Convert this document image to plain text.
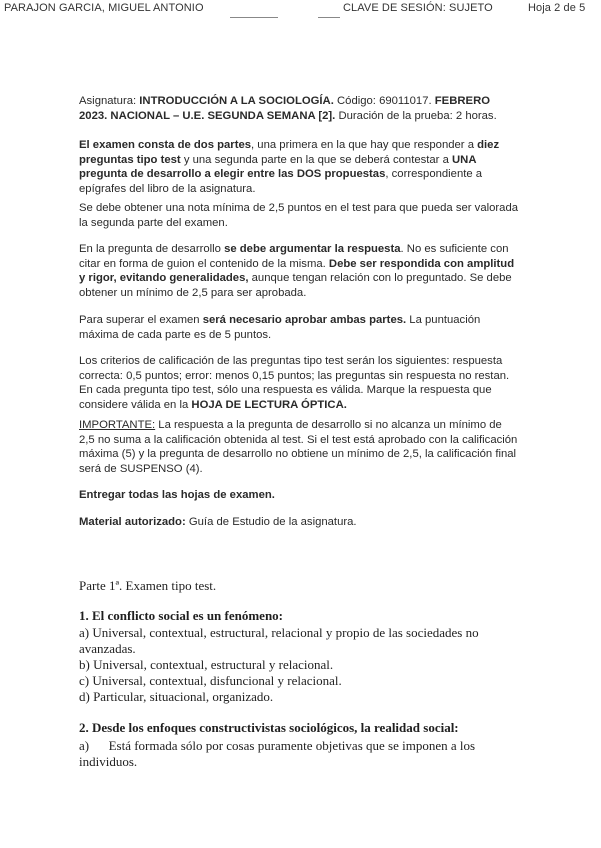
PARAJON GARCIA, MIGUEL ANTONIO	CLAVE DE SESIÓN: SUJETO	Hoja 2 de 5

Asignatura: INTRODUCCIÓN A LA SOCIOLOGÍA. Código: 69011017. FEBRERO 2023. NACIONAL – U.E. SEGUNDA SEMANA [2]. Duración de la prueba: 2 horas.

El examen consta de dos partes, una primera en la que hay que responder a diez preguntas tipo test y una segunda parte en la que se deberá contestar a UNA pregunta de desarrollo a elegir entre las DOS propuestas, correspondiente a epígrafes del libro de la asignatura.

Se debe obtener una nota mínima de 2,5 puntos en el test para que pueda ser valorada la segunda parte del examen.

En la pregunta de desarrollo se debe argumentar la respuesta. No es suficiente con citar en forma de guion el contenido de la misma. Debe ser respondida con amplitud y rigor, evitando generalidades, aunque tengan relación con lo preguntado. Se debe obtener un mínimo de 2,5 para ser aprobada.

Para superar el examen será necesario aprobar ambas partes. La puntuación máxima de cada parte es de 5 puntos.

Los criterios de calificación de las preguntas tipo test serán los siguientes: respuesta correcta: 0,5 puntos; error: menos 0,15 puntos; las preguntas sin respuesta no restan. En cada pregunta tipo test, sólo una respuesta es válida. Marque la respuesta que considere válida en la HOJA DE LECTURA ÓPTICA.

IMPORTANTE: La respuesta a la pregunta de desarrollo si no alcanza un mínimo de 2,5 no suma a la calificación obtenida al test. Si el test está aprobado con la calificación máxima (5) y la pregunta de desarrollo no obtiene un mínimo de 2,5, la calificación final será de SUSPENSO (4).

Entregar todas las hojas de examen.

Material autorizado: Guía de Estudio de la asignatura.

Parte 1ª. Examen tipo test.
1. El conflicto social es un fenómeno:
a) Universal, contextual, estructural, relacional y propio de las sociedades no avanzadas.
b) Universal, contextual, estructural y relacional.
c) Universal, contextual, disfuncional y relacional.
d) Particular, situacional, organizado.
2. Desde los enfoques constructivistas sociológicos, la realidad social:
a)      Está formada sólo por cosas puramente objetivas que se imponen a los individuos.
